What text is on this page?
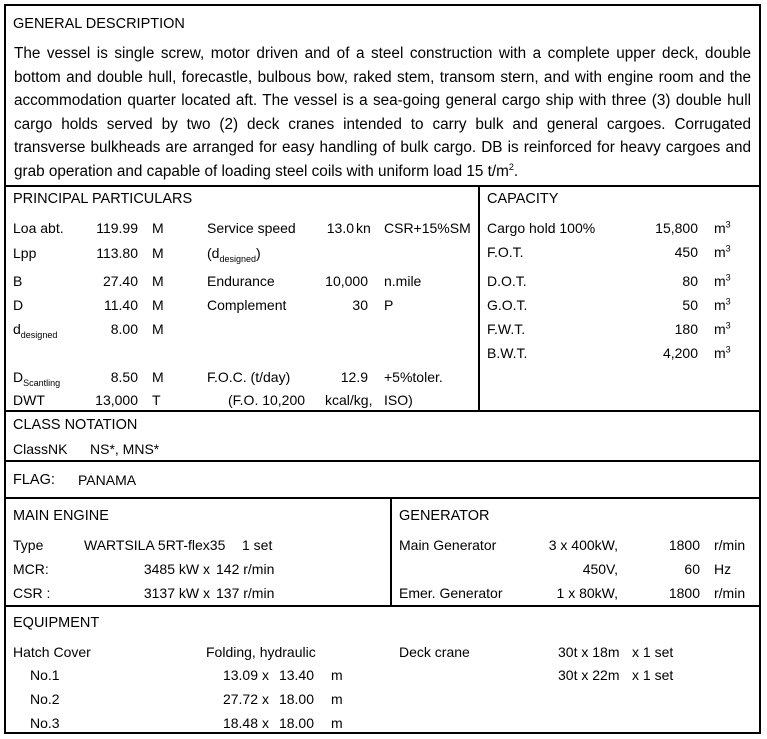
GENERAL DESCRIPTION
The vessel is single screw, motor driven and of a steel construction with a complete upper deck, double bottom and double hull, forecastle, bulbous bow, raked stem, transom stern, and with engine room and the accommodation quarter located aft. The vessel is a sea-going general cargo ship with three (3) double hull cargo holds served by two (2) deck cranes intended to carry bulk and general cargoes. Corrugated transverse bulkheads are arranged for easy handling of bulk cargo. DB is reinforced for heavy cargoes and grab operation and capable of loading steel coils with uniform load 15 $t/m^2$.
PRINCIPAL PARTICULARS
Loa abt.	119.99 M
Lpp	113.80 M
B	27.40 M
D	11.40 M
$d_{designed}$	8.00 M
$D_{Scantling}$	8.50 M
DWT	13,000 T
Service speed	13.0 kn CSR+15%SM
$(d_{designed})$
Endurance	10,000 n.mile
Complement	30 P
F.O.C. (t/day)	12.9 +5%toler.
(F.O. 10,200 kcal/kg, ISO)
CAPACITY
Cargo hold 100%	15,800 $m^3$
F.O.T.	450 $m^3$
D.O.T.	80 $m^3$
G.O.T.	50 $m^3$
F.W.T.	180 $m^3$
B.W.T.	4,200 $m^3$
CLASS NOTATION
ClassNK NS*, MNS*
FLAG: PANAMA
MAIN ENGINE
Type	WARTSILA 5RT-flex35 1 set
MCR:	3485 kW x 142 r/min
CSR :	3137 kW x 137 r/min
GENERATOR
Main Generator	3 x 400kW,	1800 r/min
450V,	60 Hz
Emer. Generator	1 x 80kW,	1800 r/min
EQUIPMENT
Hatch Cover	Folding, hydraulic
No.1	13.09 x 13.40 m
No.2	27.72 x 18.00 m
No.3	18.48 x 18.00 m
Deck crane	30t x 18m x 1 set
30t x 22m x 1 set
